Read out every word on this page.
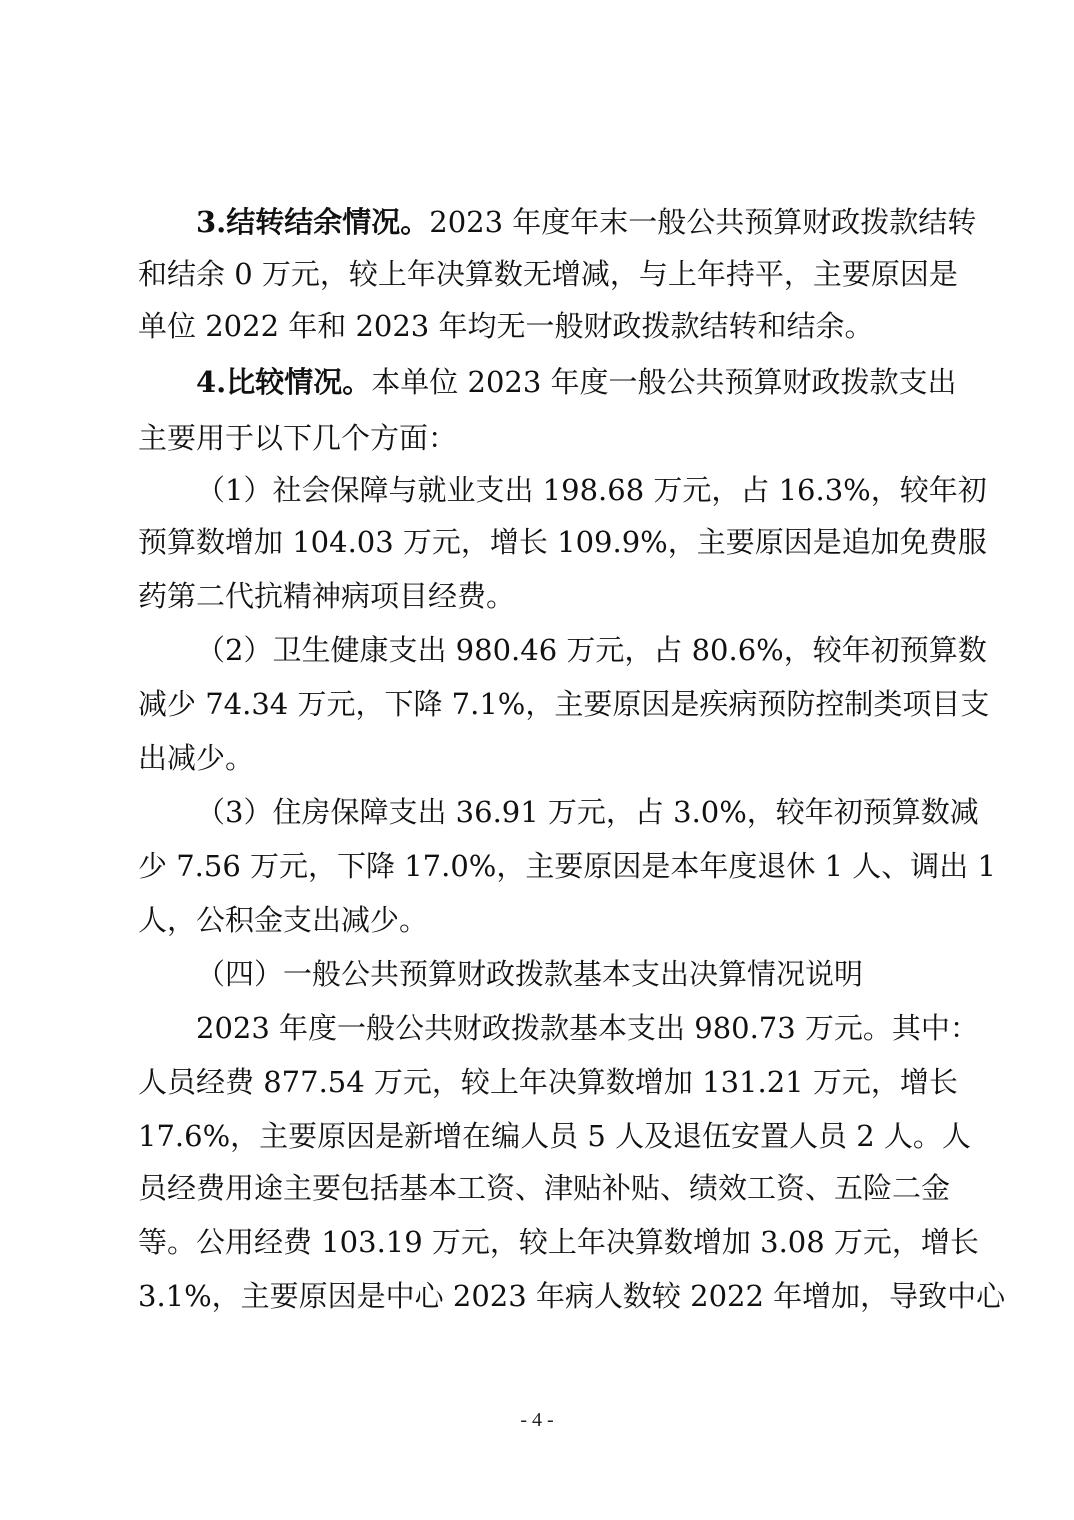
3.结转结余情况。2023 年度年末一般公共预算财政拨款结转
和结余 0 万元，较上年决算数无增减，与上年持平，主要原因是
单位 2022 年和 2023 年均无一般财政拨款结转和结余。
4.比较情况。本单位 2023 年度一般公共预算财政拨款支出
主要用于以下几个方面：
（1）社会保障与就业支出 198.68 万元，占 16.3%，较年初
预算数增加 104.03 万元，增长 109.9%，主要原因是追加免费服
药第二代抗精神病项目经费。
（2）卫生健康支出 980.46 万元，占 80.6%，较年初预算数
减少 74.34 万元，下降 7.1%，主要原因是疾病预防控制类项目支
出减少。
（3）住房保障支出 36.91 万元，占 3.0%，较年初预算数减
少 7.56 万元，下降 17.0%，主要原因是本年度退休 1 人、调出 1
人，公积金支出减少。
（四）一般公共预算财政拨款基本支出决算情况说明
2023 年度一般公共财政拨款基本支出 980.73 万元。其中：
人员经费 877.54 万元，较上年决算数增加 131.21 万元，增长
17.6%，主要原因是新增在编人员 5 人及退伍安置人员 2 人。人
员经费用途主要包括基本工资、津贴补贴、绩效工资、五险二金
等。公用经费 103.19 万元，较上年决算数增加 3.08 万元，增长
3.1%，主要原因是中心 2023 年病人数较 2022 年增加，导致中心
- 4 -
